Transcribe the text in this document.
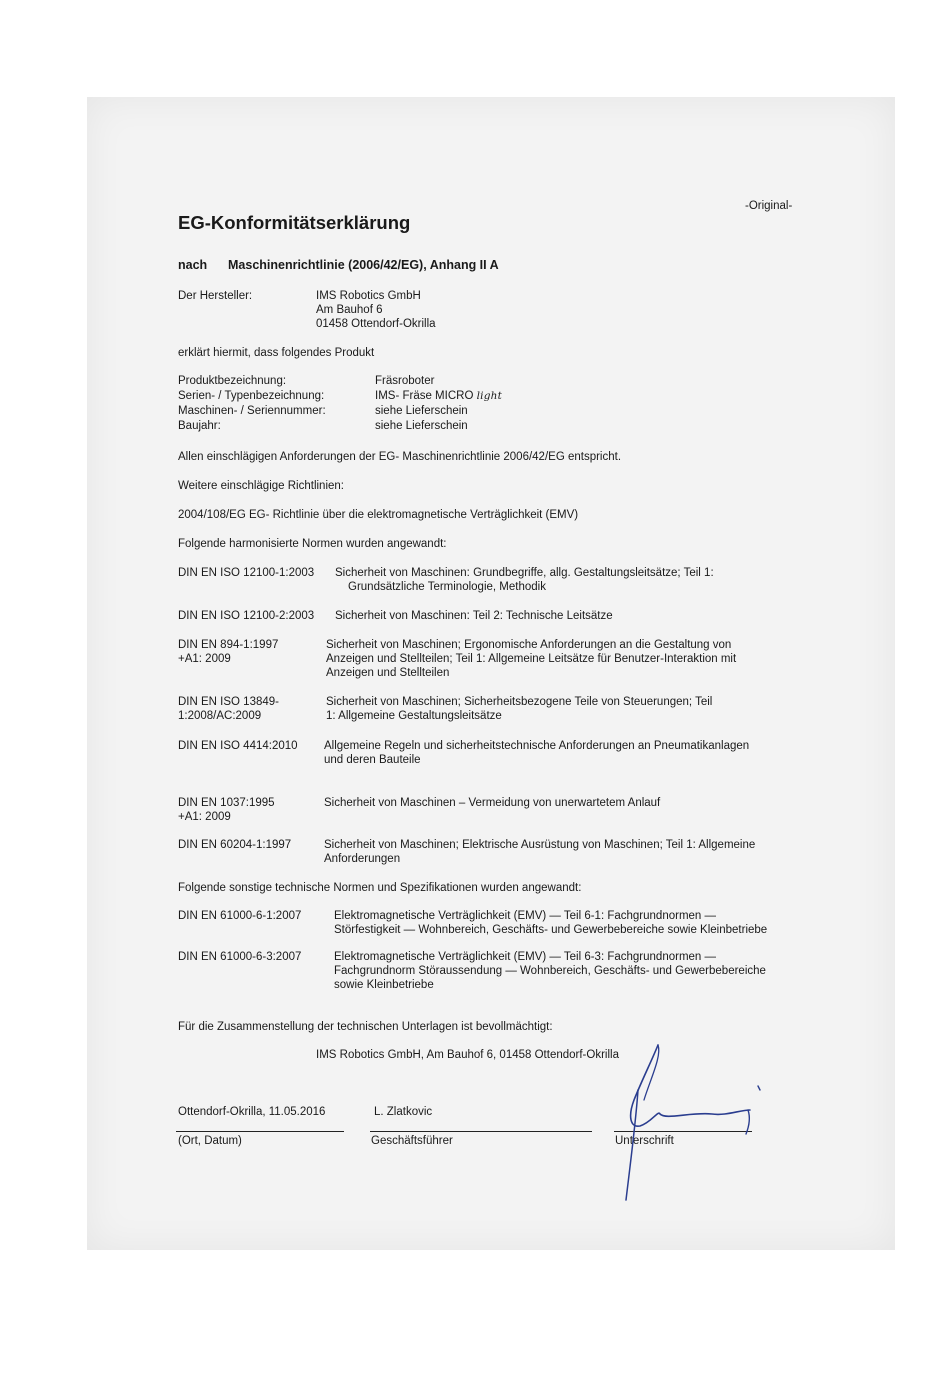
-Original-
EG-Konformitätserklärung
nach Maschinenrichtlinie (2006/42/EG), Anhang II A
Der Hersteller:	IMS Robotics GmbH
Am Bauhof 6
01458 Ottendorf-Okrilla
erklärt hiermit, dass folgendes Produkt
Produktbezeichnung:	Fräsroboter
Serien- / Typenbezeichnung:	IMS- Fräse MICRO light
Maschinen- / Seriennummer:	siehe Lieferschein
Baujahr:	siehe Lieferschein
Allen einschlägigen Anforderungen der EG- Maschinenrichtlinie 2006/42/EG entspricht.
Weitere einschlägige Richtlinien:
2004/108/EG EG- Richtlinie über die elektromagnetische Verträglichkeit (EMV)
Folgende harmonisierte Normen wurden angewandt:
DIN EN ISO 12100-1:2003 Sicherheit von Maschinen: Grundbegriffe, allg. Gestaltungsleitsätze; Teil 1:
Grundsätzliche Terminologie, Methodik
DIN EN ISO 12100-2:2003 Sicherheit von Maschinen: Teil 2: Technische Leitsätze
DIN EN 894-1:1997
+A1: 2009
Sicherheit von Maschinen; Ergonomische Anforderungen an die Gestaltung von
Anzeigen und Stellteilen; Teil 1: Allgemeine Leitsätze für Benutzer-Interaktion mit
Anzeigen und Stellteilen
DIN EN ISO 13849-
1:2008/AC:2009
Sicherheit von Maschinen; Sicherheitsbezogene Teile von Steuerungen; Teil
1: Allgemeine Gestaltungsleitsätze
DIN EN ISO 4414:2010 Allgemeine Regeln und sicherheitstechnische Anforderungen an Pneumatikanlagen
und deren Bauteile
DIN EN 1037:1995
+A1: 2009
Sicherheit von Maschinen – Vermeidung von unerwartetem Anlauf
DIN EN 60204-1:1997	Sicherheit von Maschinen; Elektrische Ausrüstung von Maschinen; Teil 1: Allgemeine
Anforderungen
Folgende sonstige technische Normen und Spezifikationen wurden angewandt:
DIN EN 61000-6-1:2007	Elektromagnetische Verträglichkeit (EMV) — Teil 6-1: Fachgrundnormen —
Störfestigkeit — Wohnbereich, Geschäfts- und Gewerbebereiche sowie Kleinbetriebe
DIN EN 61000-6-3:2007	Elektromagnetische Verträglichkeit (EMV) — Teil 6-3: Fachgrundnormen —
Fachgrundnorm Störaussendung — Wohnbereich, Geschäfts- und Gewerbebereiche
sowie Kleinbetriebe
Für die Zusammenstellung der technischen Unterlagen ist bevollmächtigt:
IMS Robotics GmbH, Am Bauhof 6, 01458 Ottendorf-Okrilla
Ottendorf-Okrilla, 11.05.2016	L. Zlatkovic
(Ort, Datum)	Geschäftsführer	Unterschrift
